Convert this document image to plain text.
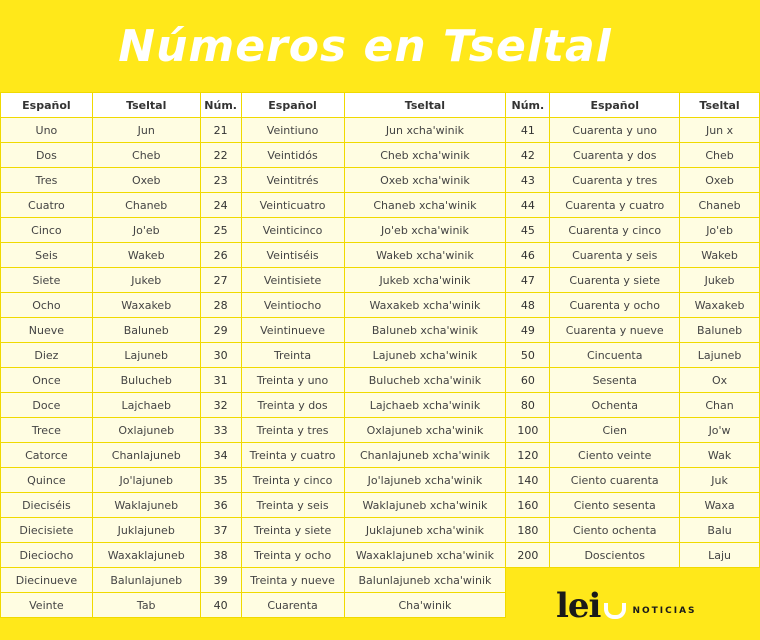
Números en Tseltal
Español	Tseltal	Núm.	Español	Tseltal	Núm.	Español	Tseltal
Uno	Jun	21	Veintiuno	Jun xcha'winik	41	Cuarenta y uno	Jun x
Dos	Cheb	22	Veintidós	Cheb xcha'winik	42	Cuarenta y dos	Cheb
Tres	Oxeb	23	Veintitrés	Oxeb xcha'winik	43	Cuarenta y tres	Oxeb
Cuatro	Chaneb	24	Veinticuatro	Chaneb xcha'winik	44	Cuarenta y cuatro	Chaneb
Cinco	Jo'eb	25	Veinticinco	Jo'eb xcha'winik	45	Cuarenta y cinco	Jo'eb
Seis	Wakeb	26	Veintiséis	Wakeb xcha'winik	46	Cuarenta y seis	Wakeb
Siete	Jukeb	27	Veintisiete	Jukeb xcha'winik	47	Cuarenta y siete	Jukeb
Ocho	Waxakeb	28	Veintiocho	Waxakeb xcha'winik	48	Cuarenta y ocho	Waxakeb
Nueve	Baluneb	29	Veintinueve	Baluneb xcha'winik	49	Cuarenta y nueve	Baluneb
Diez	Lajuneb	30	Treinta	Lajuneb xcha'winik	50	Cincuenta	Lajuneb
Once	Bulucheb	31	Treinta y uno	Bulucheb xcha'winik	60	Sesenta	Ox
Doce	Lajchaeb	32	Treinta y dos	Lajchaeb xcha'winik	80	Ochenta	Chan
Trece	Oxlajuneb	33	Treinta y tres	Oxlajuneb xcha'winik	100	Cien	Jo'w
Catorce	Chanlajuneb	34	Treinta y cuatro	Chanlajuneb xcha'winik	120	Ciento veinte	Wak
Quince	Jo'lajuneb	35	Treinta y cinco	Jo'lajuneb xcha'winik	140	Ciento cuarenta	Juk
Dieciséis	Waklajuneb	36	Treinta y seis	Waklajuneb xcha'winik	160	Ciento sesenta	Waxa
Diecisiete	Juklajuneb	37	Treinta y siete	Juklajuneb xcha'winik	180	Ciento ochenta	Balu
Dieciocho	Waxaklajuneb	38	Treinta y ocho	Waxaklajuneb xcha'winik	200	Doscientos	Laju
Diecinueve	Balunlajuneb	39	Treinta y nueve	Balunlajuneb xcha'winik			
Veinte	Tab	40	Cuarenta	Cha'winik				lei	NOTICIAS
